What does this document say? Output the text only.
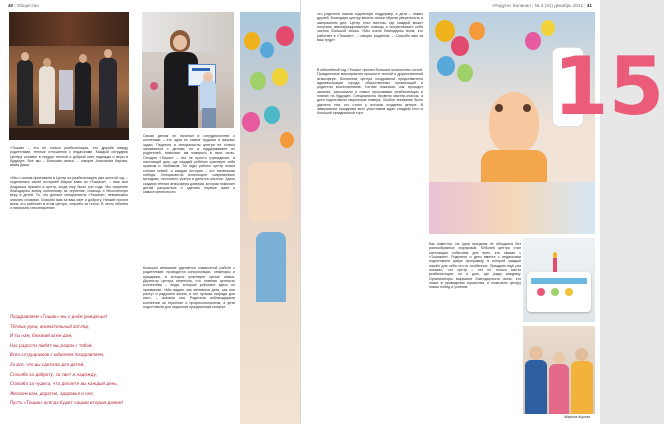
40 | Общество

«Тошик» – это не только реабилитация, это дружба между родителями, теплые отношения с педагогами. Каждый сотрудник Центра оставил в сердце теплый и добрый свет надежды и веры в будущее. Все мы – большая семья, – говорит Анастасия Кирова, мама Даши.

«Мы с сыном приезжаем в Центр на реабилитацию уже шестой год, – поделилась своей историей Мария Каюк из «Тошика», – наш сын Андрюша пришёл в центр, когда ему было три года. Мы искренне благодарны всему коллективу за терпение, помощь и бесконечную веру в детей. То, что делают специалисты «Тошика», невозможно описать словами. Спасибо вам за ваш свет и доброту. Низкий поклон всем, кто работает в этом центре, спасибо за тепло. В честь юбилея я написала стихотворение:

Поздравляем «Тошик» мы с днём рожденья!
Тёплые руки, внимательный взгляд,
И ты нам, близкий всем дом,
Нас радости любят мы рядом с тобой,
Всех сотрудников с юбилеем поздравляем,
За все, что вы сделали для детей,
Спасибо за доброту, за свет и надежду,
Спасибо за чудеса, что делаете вы каждый день,
Желаем вам, дорогие, здоровья и сил,
Пусть «Тошик» всегда будет нашим вторым домом!

Своим делом он начинал в сотрудничестве с коллегами – это одна из самых трудных и важных задач. Педагоги и специалисты центра не только занимаются с детьми, но и поддерживают их родителей, помогают им поверить в свои силы. Сегодня «Тошик» – это не просто учреждение, а настоящий дом, где каждый ребёнок чувствует себя нужным и любимым. За годы работы центр помог сотням семей, и каждая история – это маленькая победа. Специалисты используют современные методики, постоянно учатся и делятся опытом. Здесь создана тёплая атмосфера доверия, которая помогает детям раскрыться и сделать первые шаги к самостоятельности.

Большое внимание уделяется совместной работе с родителями: проводятся консультации, семинары и праздники, в которых участвуют целые семьи. Директор центра отметила, что главная ценность коллектива – люди, которые работают здесь по призванию. «Мы видим, как меняются дети, как они растут и радуются жизни, и это лучшая награда для нас», – сказала она. Родители поблагодарили коллектив за терпение и профессионализм, а дети подготовили для педагогов праздничный концерт.

«Радуга» Калинин | № 3 (41) декабрь 2012 | 41

что родители нашли подлинную поддержку, а дети – новых друзей. Благодаря центру многие семьи обрели уверенность в завтрашнем дне. Центр стал местом, где каждый может получить квалифицированную помощь и почувствовать себя частью большой семьи. «Мы очень благодарны всем, кто работает в «Тошике», – говорят родители. – Спасибо вам за ваш труд!»

В юбилейный год «Тошик» принял большое количество гостей. Праздничные мероприятия прошли в теплой и дружественной атмосфере. Коллектив центра поздравили представители администрации города, общественных организаций и родители воспитанников. Гостям показали, как проходят занятия, рассказали о новых программах реабилитации и планах на будущее. Специалисты провели мастер-классы, а дети подготовили творческие номера. Особое внимание было уделено тем, кто стоял у истоков создания центра. В завершение праздника всех участников ждал сладкий стол и большой праздничный торт.	15

Как известно, на одни праздник не обходится без разнообразных сюрпризов. Юбилей центра стал настоящим событием для всех, кто связан с «Тошиком». Родители и дети вместе с педагогами подготовили яркую программу, в которой каждый нашёл для себя что-то особенное. Праздник ещё раз показал, что центр – это не только место реабилитации, но и дом, где рады каждому. Организаторы выразили благодарность всем, кто помог в проведении торжества, и пожелали центру новых побед и успехов.

Марина Кирова
